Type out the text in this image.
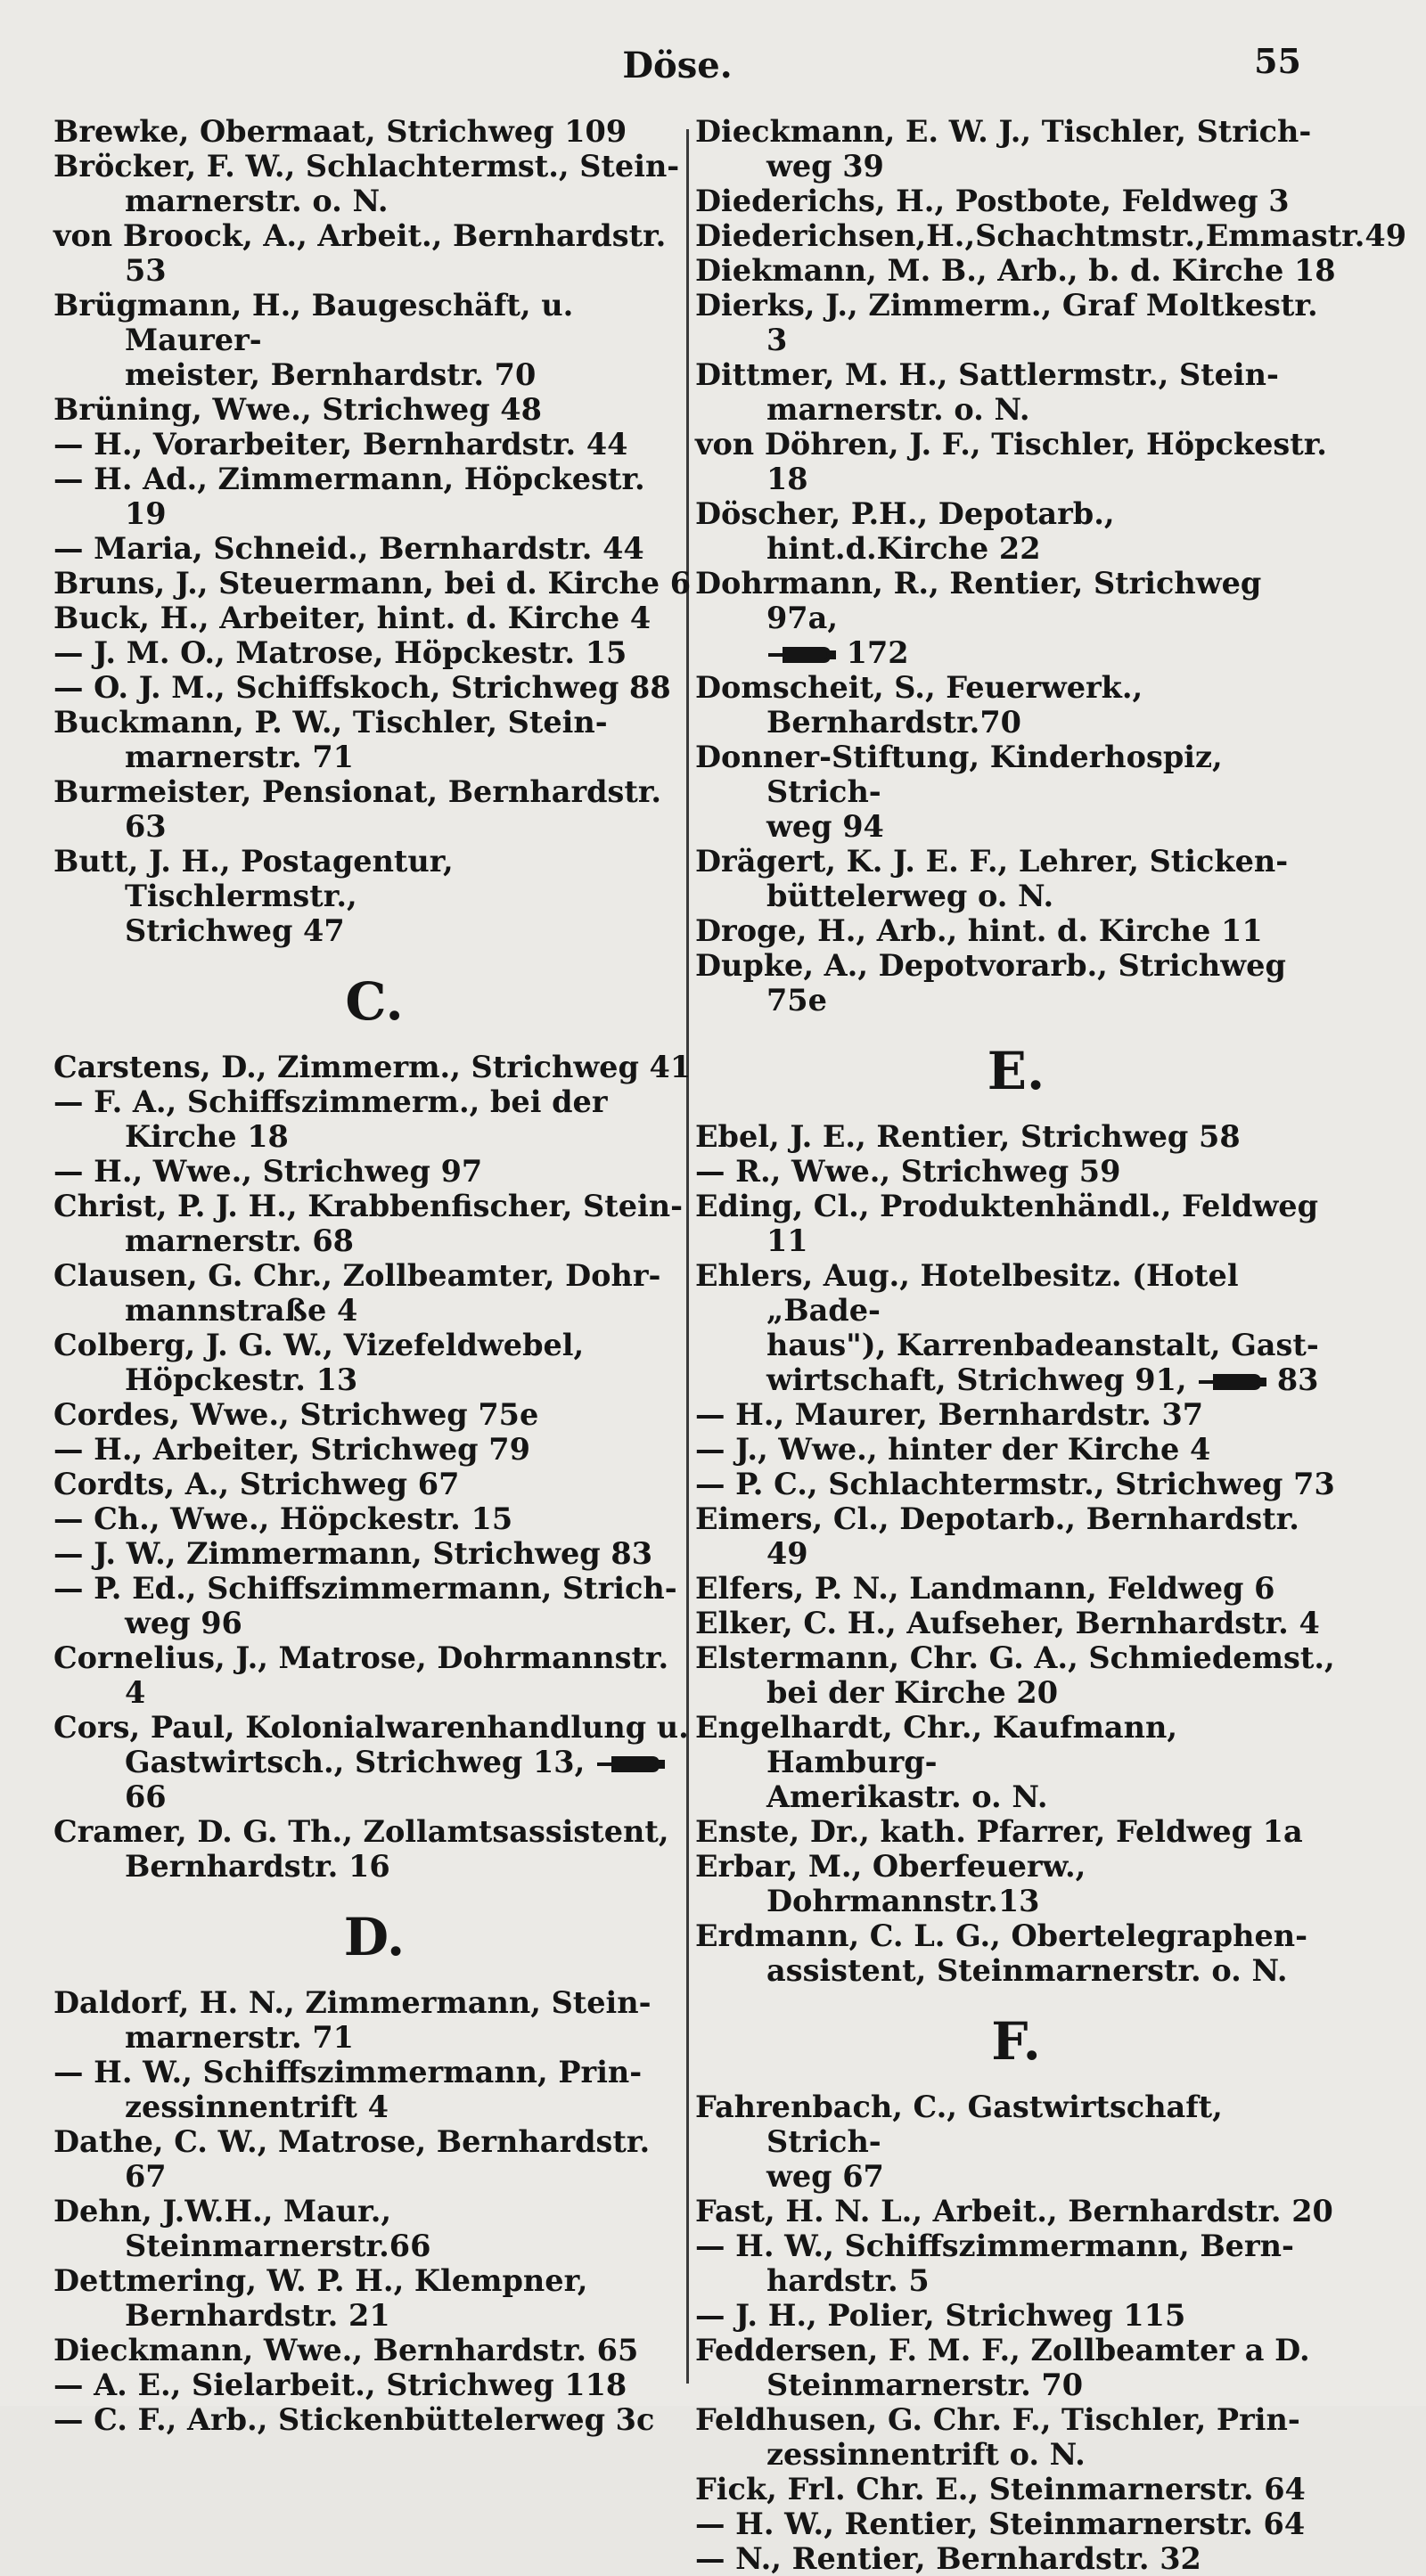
Döse.	55

Brewke, Obermaat, Strichweg 109

Bröcker, F. W., Schlachtermst., Stein-
marnerstr. o. N.

von Broock, A., Arbeit., Bernhardstr. 53

Brügmann, H., Baugeschäft, u. Maurer-
meister, Bernhardstr. 70

Brüning, Wwe., Strichweg 48

— H., Vorarbeiter, Bernhardstr. 44

— H. Ad., Zimmermann, Höpckestr. 19

— Maria, Schneid., Bernhardstr. 44

Bruns, J., Steuermann, bei d. Kirche 6

Buck, H., Arbeiter, hint. d. Kirche 4

— J. M. O., Matrose, Höpckestr. 15

— O. J. M., Schiffskoch, Strichweg 88

Buckmann, P. W., Tischler, Stein-
marnerstr. 71

Burmeister, Pensionat, Bernhardstr. 63

Butt, J. H., Postagentur, Tischlermstr.,
Strichweg 47

C.

Carstens, D., Zimmerm., Strichweg 41

— F. A., Schiffszimmerm., bei der
Kirche 18

— H., Wwe., Strichweg 97

Christ, P. J. H., Krabbenfischer, Stein-
marnerstr. 68

Clausen, G. Chr., Zollbeamter, Dohr-
mannstraße 4

Colberg, J. G. W., Vizefeldwebel,
Höpckestr. 13

Cordes, Wwe., Strichweg 75e

— H., Arbeiter, Strichweg 79

Cordts, A., Strichweg 67

— Ch., Wwe., Höpckestr. 15

— J. W., Zimmermann, Strichweg 83

— P. Ed., Schiffszimmermann, Strich-
weg 96

Cornelius, J., Matrose, Dohrmannstr. 4

Cors, Paul, Kolonialwarenhandlung u.
Gastwirtsch., Strichweg 13,  66

Cramer, D. G. Th., Zollamtsassistent,
Bernhardstr. 16

D.

Daldorf, H. N., Zimmermann, Stein-
marnerstr. 71

— H. W., Schiffszimmermann, Prin-
zessinnentrift 4

Dathe, C. W., Matrose, Bernhardstr. 67

Dehn, J.W.H., Maur., Steinmarnerstr.66

Dettmering, W. P. H., Klempner,
Bernhardstr. 21

Dieckmann, Wwe., Bernhardstr. 65

— A. E., Sielarbeit., Strichweg 118

— C. F., Arb., Stickenbüttelerweg 3c

Dieckmann, E. W. J., Tischler, Strich-
weg 39

Diederichs, H., Postbote, Feldweg 3

Diederichsen,H.,Schachtmstr.,Emmastr.49

Diekmann, M. B., Arb., b. d. Kirche 18

Dierks, J., Zimmerm., Graf Moltkestr. 3

Dittmer, M. H., Sattlermstr., Stein-
marnerstr. o. N.

von Döhren, J. F., Tischler, Höpckestr. 18

Döscher, P.H., Depotarb., hint.d.Kirche 22

Dohrmann, R., Rentier, Strichweg 97a,
172

Domscheit, S., Feuerwerk., Bernhardstr.70

Donner-Stiftung, Kinderhospiz, Strich-
weg 94

Drägert, K. J. E. F., Lehrer, Sticken-
büttelerweg o. N.

Droge, H., Arb., hint. d. Kirche 11

Dupke, A., Depotvorarb., Strichweg 75e

E.

Ebel, J. E., Rentier, Strichweg 58

— R., Wwe., Strichweg 59

Eding, Cl., Produktenhändl., Feldweg 11

Ehlers, Aug., Hotelbesitz. (Hotel „Bade-
haus"), Karrenbadeanstalt, Gast-
wirtschaft, Strichweg 91,	83

— H., Maurer, Bernhardstr. 37

— J., Wwe., hinter der Kirche 4

— P. C., Schlachtermstr., Strichweg 73

Eimers, Cl., Depotarb., Bernhardstr. 49

Elfers, P. N., Landmann, Feldweg 6

Elker, C. H., Aufseher, Bernhardstr. 4

Elstermann, Chr. G. A., Schmiedemst.,
bei der Kirche 20

Engelhardt, Chr., Kaufmann, Hamburg-
Amerikastr. o. N.

Enste, Dr., kath. Pfarrer, Feldweg 1a

Erbar, M., Oberfeuerw., Dohrmannstr.13

Erdmann, C. L. G., Obertelegraphen-
assistent, Steinmarnerstr. o. N.

F.

Fahrenbach, C., Gastwirtschaft, Strich-
weg 67

Fast, H. N. L., Arbeit., Bernhardstr. 20

— H. W., Schiffszimmermann, Bern-
hardstr. 5

— J. H., Polier, Strichweg 115

Feddersen, F. M. F., Zollbeamter a D.
Steinmarnerstr. 70

Feldhusen, G. Chr. F., Tischler, Prin-
zessinnentrift o. N.

Fick, Frl. Chr. E., Steinmarnerstr. 64

— H. W., Rentier, Steinmarnerstr. 64

— N., Rentier, Bernhardstr. 32
